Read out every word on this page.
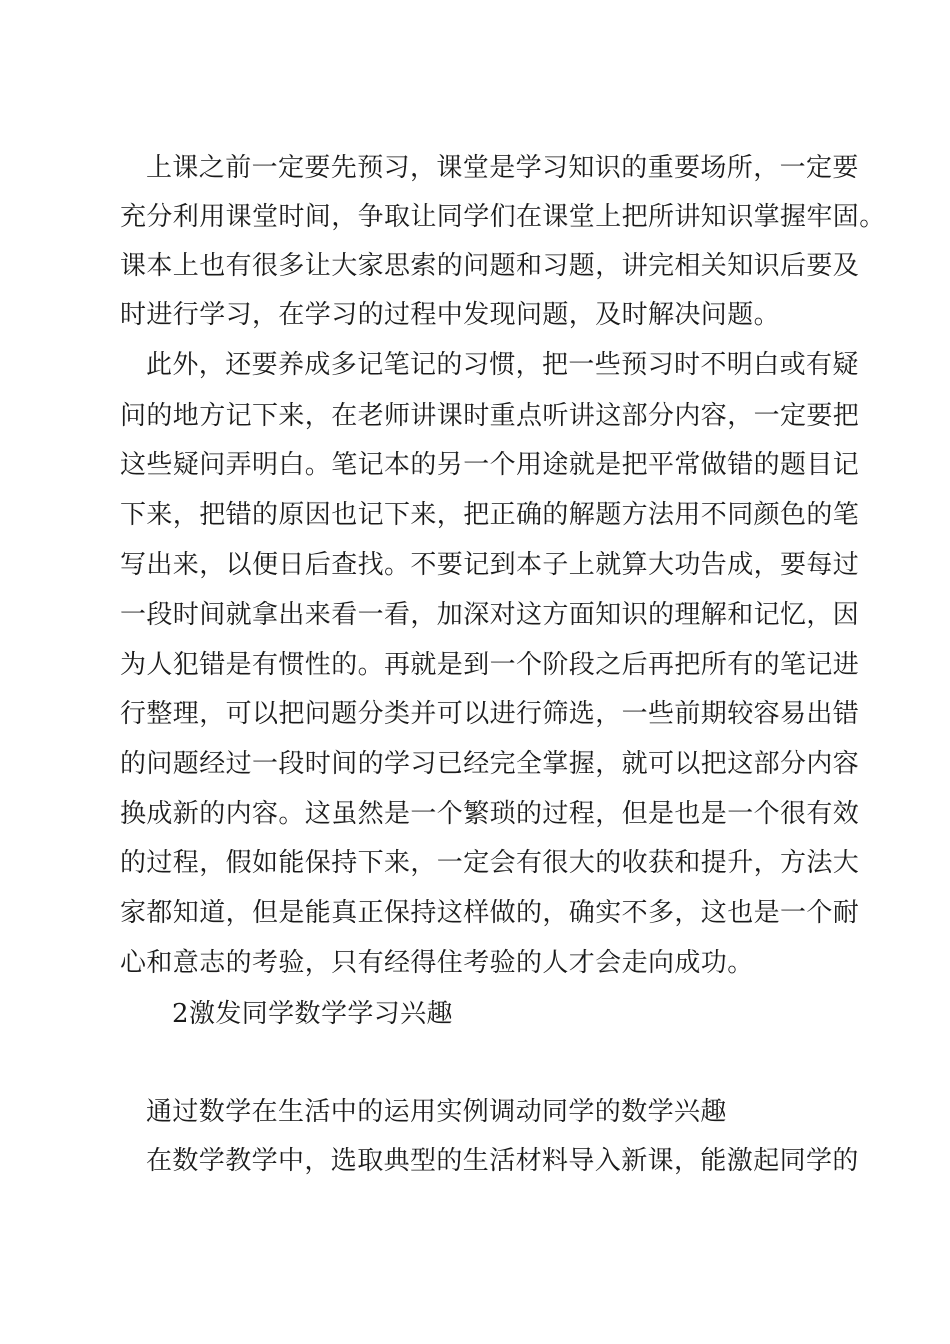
上课之前一定要先预习，课堂是学习知识的重要场所，一定要
充分利用课堂时间，争取让同学们在课堂上把所讲知识掌握牢固。
课本上也有很多让大家思索的问题和习题，讲完相关知识后要及
时进行学习，在学习的过程中发现问题，及时解决问题。
此外，还要养成多记笔记的习惯，把一些预习时不明白或有疑
问的地方记下来，在老师讲课时重点听讲这部分内容，一定要把
这些疑问弄明白。笔记本的另一个用途就是把平常做错的题目记
下来，把错的原因也记下来，把正确的解题方法用不同颜色的笔
写出来，以便日后查找。不要记到本子上就算大功告成，要每过
一段时间就拿出来看一看，加深对这方面知识的理解和记忆，因
为人犯错是有惯性的。再就是到一个阶段之后再把所有的笔记进
行整理，可以把问题分类并可以进行筛选，一些前期较容易出错
的问题经过一段时间的学习已经完全掌握，就可以把这部分内容
换成新的内容。这虽然是一个繁琐的过程，但是也是一个很有效
的过程，假如能保持下来，一定会有很大的收获和提升，方法大
家都知道，但是能真正保持这样做的，确实不多，这也是一个耐
心和意志的考验，只有经得住考验的人才会走向成功。
2激发同学数学学习兴趣
通过数学在生活中的运用实例调动同学的数学兴趣
在数学教学中，选取典型的生活材料导入新课，能激起同学的
